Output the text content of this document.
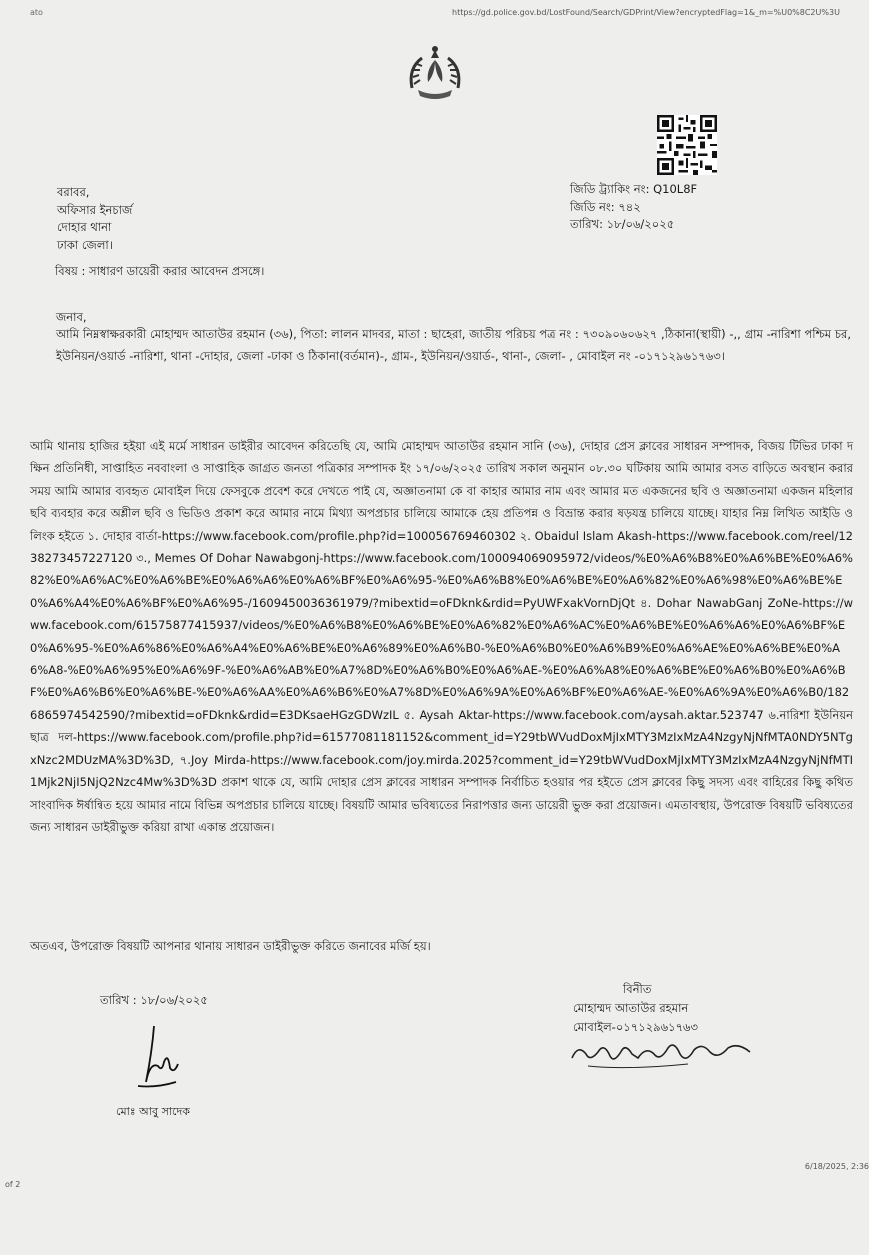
ato	https://gd.police.gov.bd/LostFound/Search/GDPrint/View?encryptedFlag=1&_m=%U0%8C2U%3U
বরাবর,
অফিসার ইনচার্জ
দোহার থানা
ঢাকা জেলা।
জিডি ট্র্যাকিং নং: Q10L8F
জিডি নং: ৭৪২
তারিখ: ১৮/০৬/২০২৫
বিষয় : সাধারণ ডায়েরী করার আবেদন প্রসঙ্গে।
জনাব,
আমি নিম্নস্বাক্ষরকারী মোহাম্মদ আতাউর রহমান (৩৬), পিতা: লালন মাদবর, মাতা : ছাহেরা, জাতীয় পরিচয় পত্র নং : ৭৩০৯০৬০৬২৭ ,ঠিকানা(স্থায়ী) -,, গ্রাম -নারিশা পশ্চিম চর, ইউনিয়ন/ওয়ার্ড -নারিশা, থানা -দোহার, জেলা -ঢাকা ও ঠিকানা(বর্তমান)-, গ্রাম-, ইউনিয়ন/ওয়ার্ড-, থানা-, জেলা- , মোবাইল নং -০১৭১২৯৬১৭৬৩।
আমি থানায় হাজির হইয়া এই মর্মে সাধারন ডাইরীর আবেদন করিতেছি যে, আমি মোহাম্মদ আতাউর রহমান সানি (৩৬), দোহার প্রেস ক্লাবের সাধারন সম্পাদক, বিজয় টিভির ঢাকা দক্ষিন প্রতিনিধী, সাপ্তাহিত নববাংলা ও সাপ্তাহিক জাগ্রত জনতা পত্রিকার সম্পাদক ইং ১৭/০৬/২০২৫ তারিখ সকাল অনুমান ০৮.৩০ ঘটিকায় আমি আমার বসত বাড়িতে অবস্থান করার সময় আমি আমার ব্যবহৃত মোবাইল দিয়ে ফেসবুকে প্রবেশ করে দেখতে পাই যে, অজ্ঞাতনামা কে বা কাহার আমার নাম এবং আমার মত একজনের ছবি ও অজ্ঞাতনামা একজন মহিলার ছবি ব্যবহার করে অশ্লীল ছবি ও ভিডিও প্রকাশ করে আমার নামে মিথ্যা অপপ্রচার চালিয়ে আমাকে হেয় প্রতিপন্ন ও বিভ্রান্ত করার ষড়যন্ত্র চালিয়ে যাচ্ছে। যাহার নিম্ন লিখিত আইডি ও লিংক হইতে ১. দোহার বার্তা-https://www.facebook.com/profile.php?id=100056769460302 ২. Obaidul Islam Akash-https://www.facebook.com/reel/1238273457227120 ৩., Memes Of Dohar Nawabgonj-https://www.facebook.com/100094069095972/videos/%E0%A6%B8%E0%A6%BE%E0%A6%82%E0%A6%AC%E0%A6%BE%E0%A6%A6%E0%A6%BF%E0%A6%95-%E0%A6%B8%E0%A6%BE%E0%A6%82%E0%A6%98%E0%A6%BE%E0%A6%A4%E0%A6%BF%E0%A6%95-/1609450036361979/?mibextid=oFDknk&rdid=PyUWFxakVornDjQt ৪. Dohar NawabGanj ZoNe-https://www.facebook.com/61575877415937/videos/%E0%A6%B8%E0%A6%BE%E0%A6%82%E0%A6%AC%E0%A6%BE%E0%A6%A6%E0%A6%BF%E0%A6%95-%E0%A6%86%E0%A6%A4%E0%A6%BE%E0%A6%89%E0%A6%B0-%E0%A6%B0%E0%A6%B9%E0%A6%AE%E0%A6%BE%E0%A6%A8-%E0%A6%95%E0%A6%9F-%E0%A6%AB%E0%A7%8D%E0%A6%B0%E0%A6%AE-%E0%A6%A8%E0%A6%BE%E0%A6%B0%E0%A6%BF%E0%A6%B6%E0%A6%BE-%E0%A6%AA%E0%A6%B6%E0%A7%8D%E0%A6%9A%E0%A6%BF%E0%A6%AE-%E0%A6%9A%E0%A6%B0/1826865974542590/?mibextid=oFDknk&rdid=E3DKsaeHGzGDWzIL ৫. Aysah Aktar-https://www.facebook.com/aysah.aktar.523747 ৬.নারিশা ইউনিয়ন ছাত্র দল-https://www.facebook.com/profile.php?id=61577081181152&comment_id=Y29tbWVudDoxMjIxMTY3MzIxMzA4NzgyNjNfMTA0NDY5NTgxNzc2MDUzMA%3D%3D, ৭.Joy Mirda-https://www.facebook.com/joy.mirda.2025?comment_id=Y29tbWVudDoxMjIxMTY3MzIxMzA4NzgyNjNfMTI1Mjk2NjI5NjQ2Nzc4Mw%3D%3D প্রকাশ থাকে যে, আমি দোহার প্রেস ক্লাবের সাধারন সম্পাদক নির্বাচিত হওয়ার পর হইতে প্রেস ক্লাবের কিছু সদস্য এবং বাহিরের কিছু কথিত সাংবাদিক ঈর্ষান্বিত হয়ে আমার নামে বিভিন্ন অপপ্রচার চালিয়ে যাচ্ছে। বিষয়টি আমার ভবিষ্যতের নিরাপত্তার জন্য ডায়েরী ভুক্ত করা প্রয়োজন। এমতাবস্থায়, উপরোক্ত বিষয়টি ভবিষ্যতের জন্য সাধারন ডাইরীভুক্ত করিয়া রাখা একান্ত প্রয়োজন।
অতএব, উপরোক্ত বিষয়টি আপনার থানায় সাধারন ডাইরীভুক্ত করিতে জনাবের মর্জি হয়।
তারিখ : ১৮/০৬/২০২৫
বিনীত
মোহাম্মদ আতাউর রহমান
মোবাইল-০১৭১২৯৬১৭৬৩
মোঃ আবু সাদেক
6/18/2025, 2:36
of 2
